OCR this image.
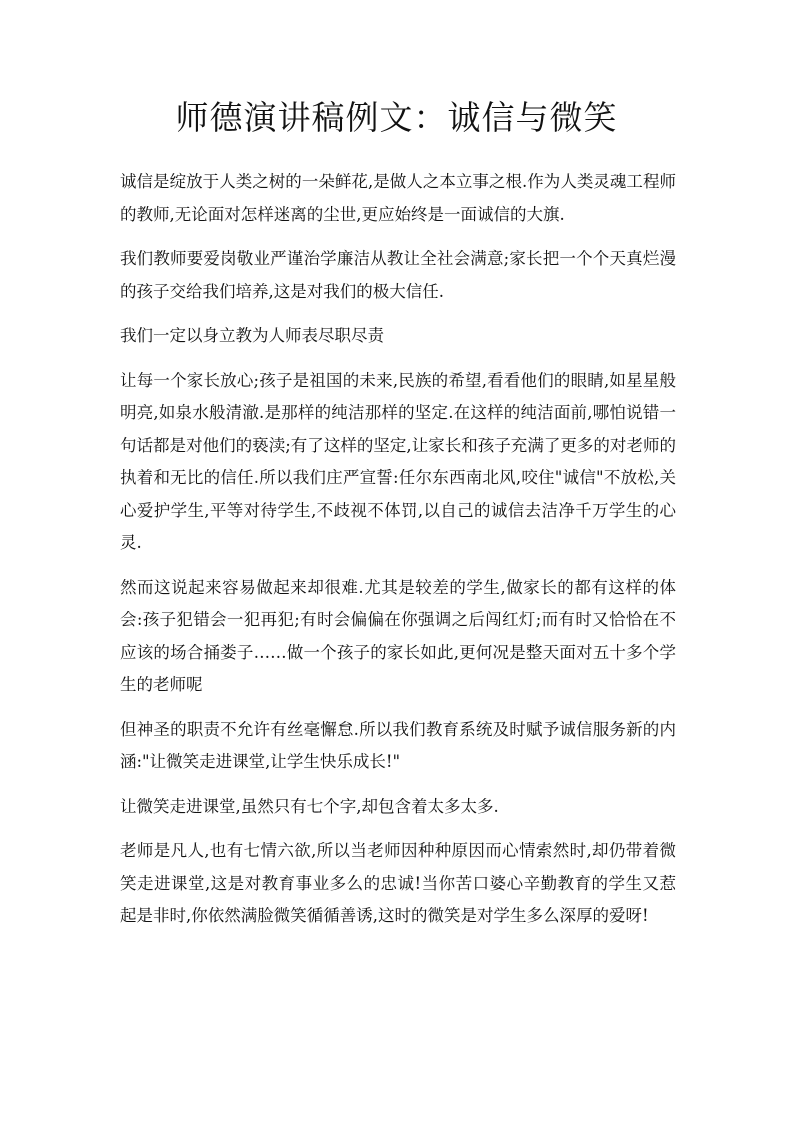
师德演讲稿例文：诚信与微笑

诚信是绽放于人类之树的一朵鲜花,是做人之本立事之根.作为人类灵魂工程师的教师,无论面对怎样迷离的尘世,更应始终是一面诚信的大旗.

我们教师要爱岗敬业严谨治学廉洁从教让全社会满意;家长把一个个天真烂漫的孩子交给我们培养,这是对我们的极大信任.

我们一定以身立教为人师表尽职尽责

让每一个家长放心;孩子是祖国的未来,民族的希望,看看他们的眼睛,如星星般明亮,如泉水般清澈.是那样的纯洁那样的坚定.在这样的纯洁面前,哪怕说错一句话都是对他们的亵渎;有了这样的坚定,让家长和孩子充满了更多的对老师的执着和无比的信任.所以我们庄严宣誓:任尔东西南北风,咬住"诚信"不放松,关心爱护学生,平等对待学生,不歧视不体罚,以自己的诚信去洁净千万学生的心灵.

然而这说起来容易做起来却很难.尤其是较差的学生,做家长的都有这样的体会:孩子犯错会一犯再犯;有时会偏偏在你强调之后闯红灯;而有时又恰恰在不应该的场合捅娄子……做一个孩子的家长如此,更何况是整天面对五十多个学生的老师呢

但神圣的职责不允许有丝毫懈怠.所以我们教育系统及时赋予诚信服务新的内涵:"让微笑走进课堂,让学生快乐成长!"

让微笑走进课堂,虽然只有七个字,却包含着太多太多.

老师是凡人,也有七情六欲,所以当老师因种种原因而心情索然时,却仍带着微笑走进课堂,这是对教育事业多么的忠诚!当你苦口婆心辛勤教育的学生又惹起是非时,你依然满脸微笑循循善诱,这时的微笑是对学生多么深厚的爱呀!
